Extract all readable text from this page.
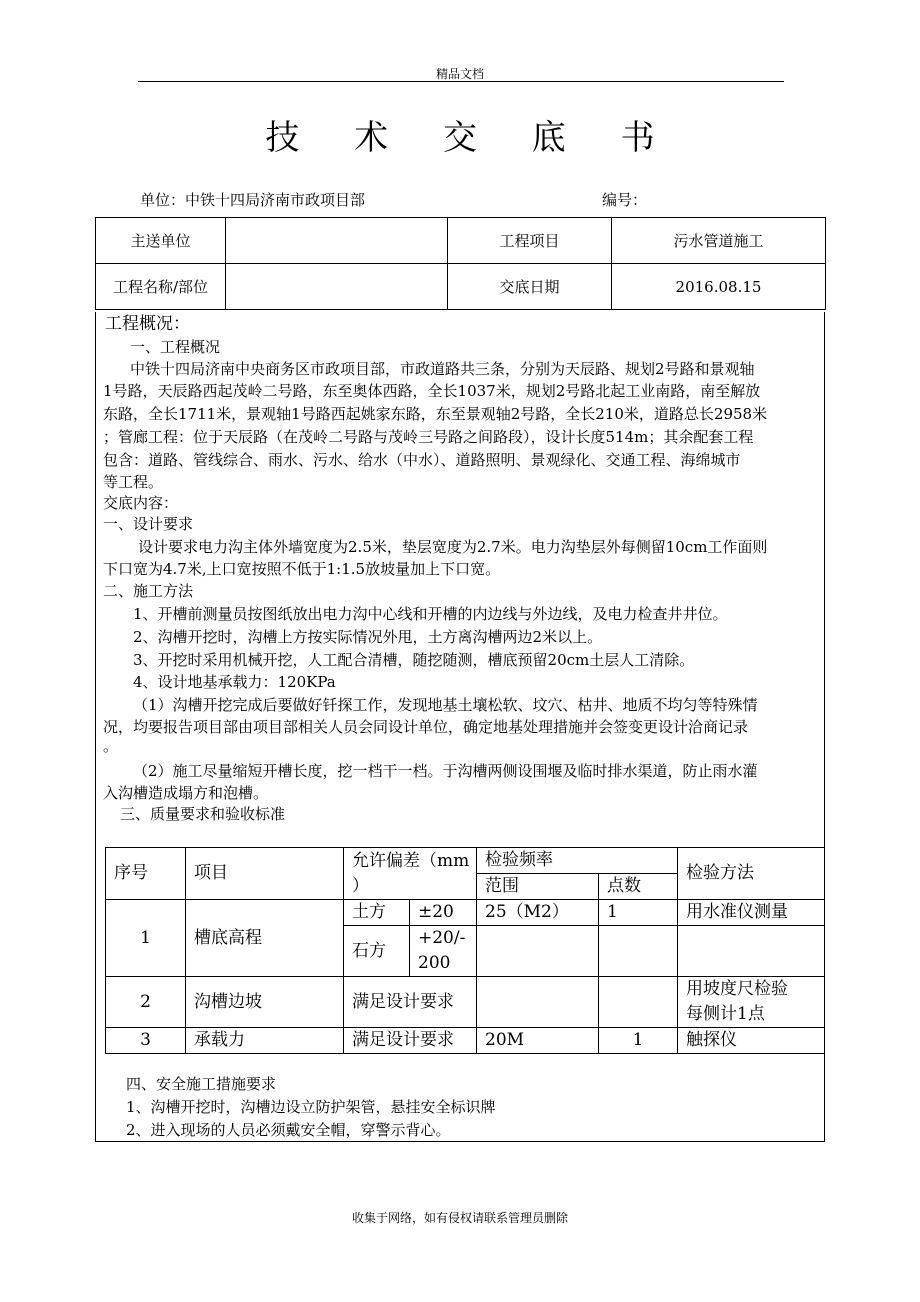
精品文档
技 术 交 底 书
单位：中铁十四局济南市政项目部	编号：
主送单位		工程项目	污水管道施工
工程名称/部位		交底日期	2016.08.15
工程概况：
一、工程概况
中铁十四局济南中央商务区市政项目部，市政道路共三条，分别为天辰路、规划2号路和景观轴
1号路，天辰路西起茂岭二号路，东至奥体西路，全长1037米，规划2号路北起工业南路，南至解放
东路，全长1711米，景观轴1号路西起姚家东路，东至景观轴2号路，全长210米，道路总长2958米
；管廊工程：位于天辰路（在茂岭二号路与茂岭三号路之间路段），设计长度514m；其余配套工程
包含：道路、管线综合、雨水、污水、给水（中水）、道路照明、景观绿化、交通工程、海绵城市
等工程。
交底内容：
一、设计要求
设计要求电力沟主体外墙宽度为2.5米，垫层宽度为2.7米。电力沟垫层外每侧留10cm工作面则
下口宽为4.7米,上口宽按照不低于1:1.5放坡量加上下口宽。
二、施工方法
1、开槽前测量员按图纸放出电力沟中心线和开槽的内边线与外边线，及电力检查井井位。
2、沟槽开挖时，沟槽上方按实际情况外甩，土方离沟槽两边2米以上。
3、开挖时采用机械开挖，人工配合清槽，随挖随测，槽底预留20cm土层人工清除。
4、设计地基承载力：120KPa
（1）沟槽开挖完成后要做好钎探工作，发现地基土壤松软、坟穴、枯井、地质不均匀等特殊情
况，均要报告项目部由项目部相关人员会同设计单位，确定地基处理措施并会签变更设计洽商记录
。
（2）施工尽量缩短开槽长度，挖一档干一档。于沟槽两侧设围堰及临时排水渠道，防止雨水灌
入沟槽造成塌方和泡槽。
三、质量要求和验收标准
序号	项目	允许偏差（mm
）		检验频率		检验方法
				范围	点数	
1	槽底高程	土方	±20	25（M2）	1	用水准仪测量
		石方	+20/-
200			
2	沟槽边坡	满足设计要求				用坡度尺检验
每侧计1点
3	承载力	满足设计要求		20M	1	触探仪
四、安全施工措施要求
1、沟槽开挖时，沟槽边设立防护架管，悬挂安全标识牌
2、进入现场的人员必须戴安全帽，穿警示背心。
收集于网络，如有侵权请联系管理员删除
